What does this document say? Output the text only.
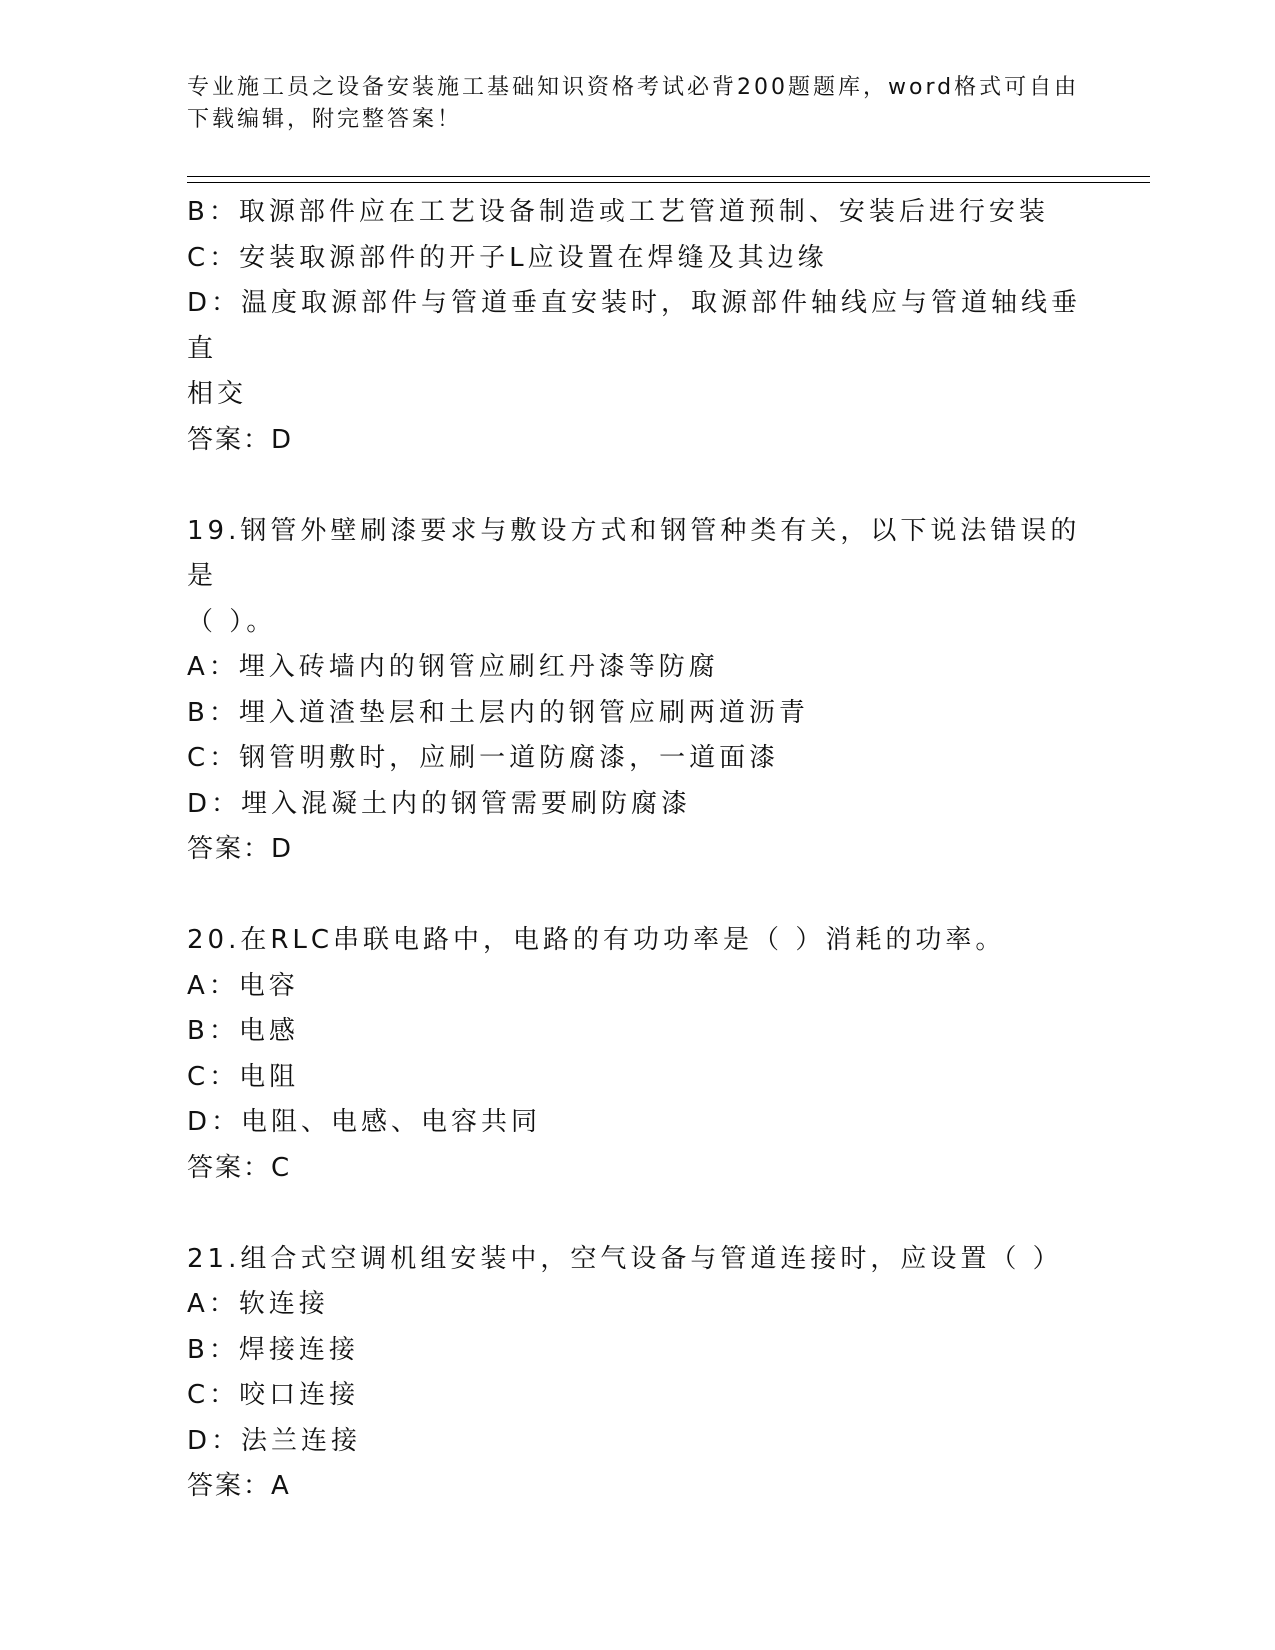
专业施工员之设备安装施工基础知识资格考试必背200题题库，word格式可自由下载编辑，附完整答案！
B：取源部件应在工艺设备制造或工艺管道预制、安装后进行安装
C：安装取源部件的开子L应设置在焊缝及其边缘
D：温度取源部件与管道垂直安装时，取源部件轴线应与管道轴线垂直
相交
答案：D
19.钢管外壁刷漆要求与敷设方式和钢管种类有关，以下说法错误的是
（ ）。
A：埋入砖墙内的钢管应刷红丹漆等防腐
B：埋入道渣垫层和土层内的钢管应刷两道沥青
C：钢管明敷时，应刷一道防腐漆，一道面漆
D：埋入混凝土内的钢管需要刷防腐漆
答案：D
20.在RLC串联电路中，电路的有功功率是（ ）消耗的功率。
A：电容
B：电感
C：电阻
D：电阻、电感、电容共同
答案：C
21.组合式空调机组安装中，空气设备与管道连接时，应设置（ ）
A：软连接
B：焊接连接
C：咬口连接
D：法兰连接
答案：A
